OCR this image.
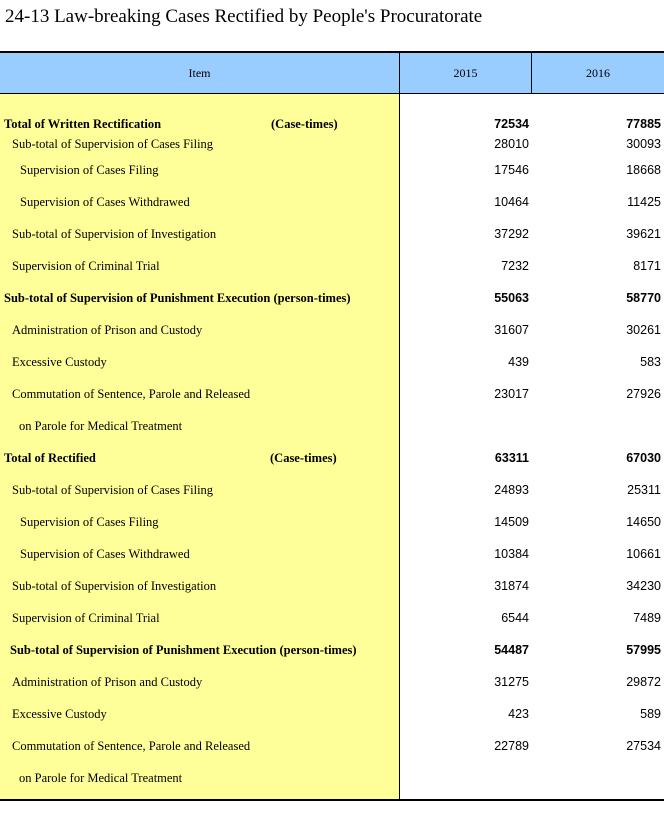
24-13 Law-breaking Cases Rectified by People's Procuratorate
Item	2015	2016
Total of Written Rectification	(Case-times)	72534	77885
Sub-total of Supervision of Cases Filing	28010	30093
Supervision of Cases Filing	17546	18668
Supervision of Cases Withdrawed	10464	11425
Sub-total of Supervision of Investigation	37292	39621
Supervision of Criminal Trial	7232	8171
Sub-total of Supervision of Punishment Execution (person-times)	55063	58770
Administration of Prison and Custody	31607	30261
Excessive Custody	439	583
Commutation of Sentence, Parole and Released	23017	27926
on Parole for Medical Treatment
Total of Rectified	(Case-times)	63311	67030
Sub-total of Supervision of Cases Filing	24893	25311
Supervision of Cases Filing	14509	14650
Supervision of Cases Withdrawed	10384	10661
Sub-total of Supervision of Investigation	31874	34230
Supervision of Criminal Trial	6544	7489
Sub-total of Supervision of Punishment Execution (person-times)	54487	57995
Administration of Prison and Custody	31275	29872
Excessive Custody	423	589
Commutation of Sentence, Parole and Released	22789	27534
on Parole for Medical Treatment
